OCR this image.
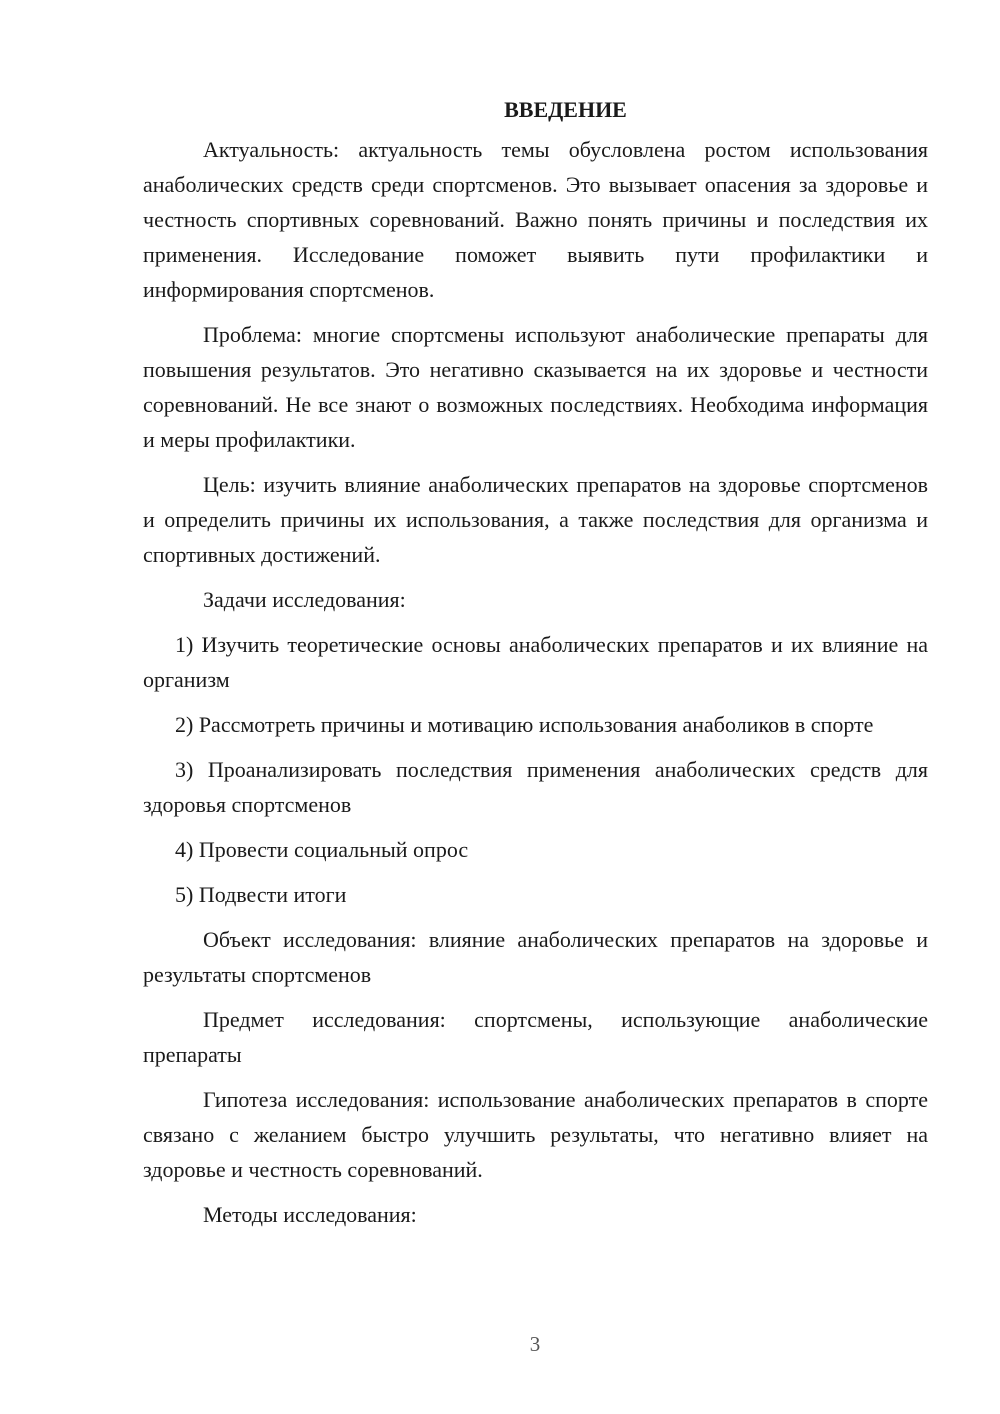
ВВЕДЕНИЕ

Актуальность: актуальность темы обусловлена ростом использования анаболических средств среди спортсменов. Это вызывает опасения за здоровье и честность спортивных соревнований. Важно понять причины и последствия их применения. Исследование поможет выявить пути профилактики и информирования спортсменов.

Проблема: многие спортсмены используют анаболические препараты для повышения результатов. Это негативно сказывается на их здоровье и честности соревнований. Не все знают о возможных последствиях. Необходима информация и меры профилактики.

Цель: изучить влияние анаболических препаратов на здоровье спортсменов и определить причины их использования, а также последствия для организма и спортивных достижений.

Задачи исследования:

1) Изучить теоретические основы анаболических препаратов и их влияние на организм

2) Рассмотреть причины и мотивацию использования анаболиков в спорте

3) Проанализировать последствия применения анаболических средств для здоровья спортсменов

4) Провести социальный опрос

5) Подвести итоги

Объект исследования: влияние анаболических препаратов на здоровье и результаты спортсменов

Предмет исследования: спортсмены, использующие анаболические препараты

Гипотеза исследования: использование анаболических препаратов в спорте связано с желанием быстро улучшить результаты, что негативно влияет на здоровье и честность соревнований.

Методы исследования:

3
